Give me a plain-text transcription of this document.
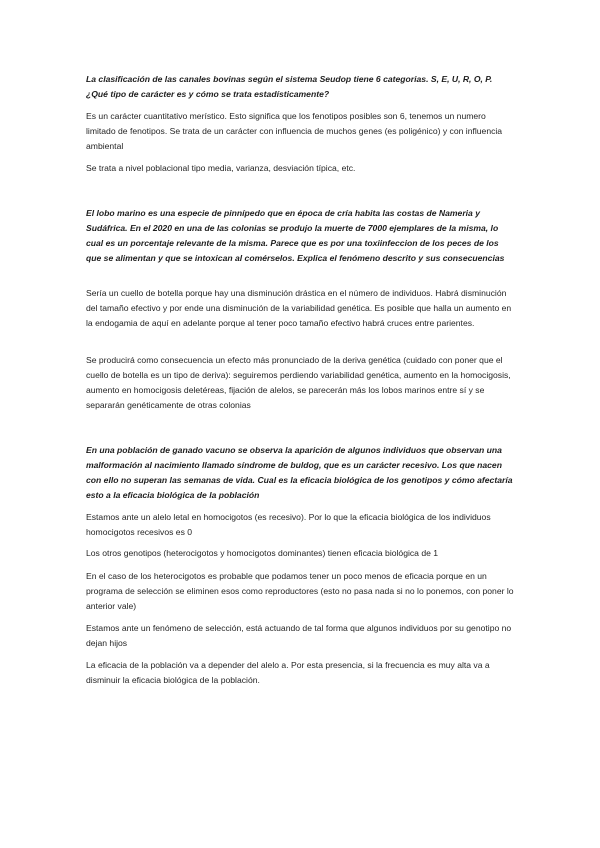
La clasificación de las canales bovinas según el sistema Seudop tiene 6 categorias. S, E, U, R, O, P. ¿Qué tipo de carácter es y cómo se trata estadísticamente?
Es un carácter cuantitativo merístico. Esto significa que los fenotipos posibles son 6, tenemos un numero limitado de fenotipos. Se trata de un carácter con influencia de muchos genes (es poligénico) y con influencia ambiental
Se trata a nivel poblacional tipo media, varianza, desviación típica, etc.
El lobo marino es una especie de pinnípedo que en época de cría habita las costas de Nameria y Sudáfrica. En el 2020 en una de las colonias se produjo la muerte de 7000 ejemplares de la misma, lo cual es un porcentaje relevante de la misma. Parece que es por una toxiinfeccion de los peces de los que se alimentan y que se intoxican al comérselos. Explica el fenómeno descrito y sus consecuencias
Sería un cuello de botella porque hay una disminución drástica en el número de individuos. Habrá disminución del tamaño efectivo y por ende una disminución de la variabilidad genética. Es posible que halla un aumento en la endogamia de aquí en adelante porque al tener poco tamaño efectivo habrá cruces entre parientes.
Se producirá como consecuencia un efecto más pronunciado de la deriva genética (cuidado con poner que el cuello de botella es un tipo de deriva): seguiremos perdiendo variabilidad genética, aumento en la homocigosis, aumento en homocigosis deletéreas, fijación de alelos, se parecerán más los lobos marinos entre sí y se separarán genéticamente de otras colonias
En una población de ganado vacuno se observa la aparición de algunos individuos que observan una malformación al nacimiento llamado síndrome de buldog, que es un carácter recesivo. Los que nacen con ello no superan las semanas de vida. Cual es la eficacia biológica de los genotipos y cómo afectaría esto a la eficacia biológica de la población
Estamos ante un alelo letal en homocigotos (es recesivo). Por lo que la eficacia biológica de los individuos homocigotos recesivos es 0
Los otros genotipos (heterocigotos y homocigotos dominantes) tienen eficacia biológica de 1
En el caso de los heterocigotos es probable que podamos tener un poco menos de eficacia porque en un programa de selección se eliminen esos como reproductores (esto no pasa nada si no lo ponemos, con poner lo anterior vale)
Estamos ante un fenómeno de selección, está actuando de tal forma que algunos individuos por su genotipo no dejan hijos
La eficacia de la población va a depender del alelo a. Por esta presencia, si la frecuencia es muy alta va a disminuir la eficacia biológica de la población.
